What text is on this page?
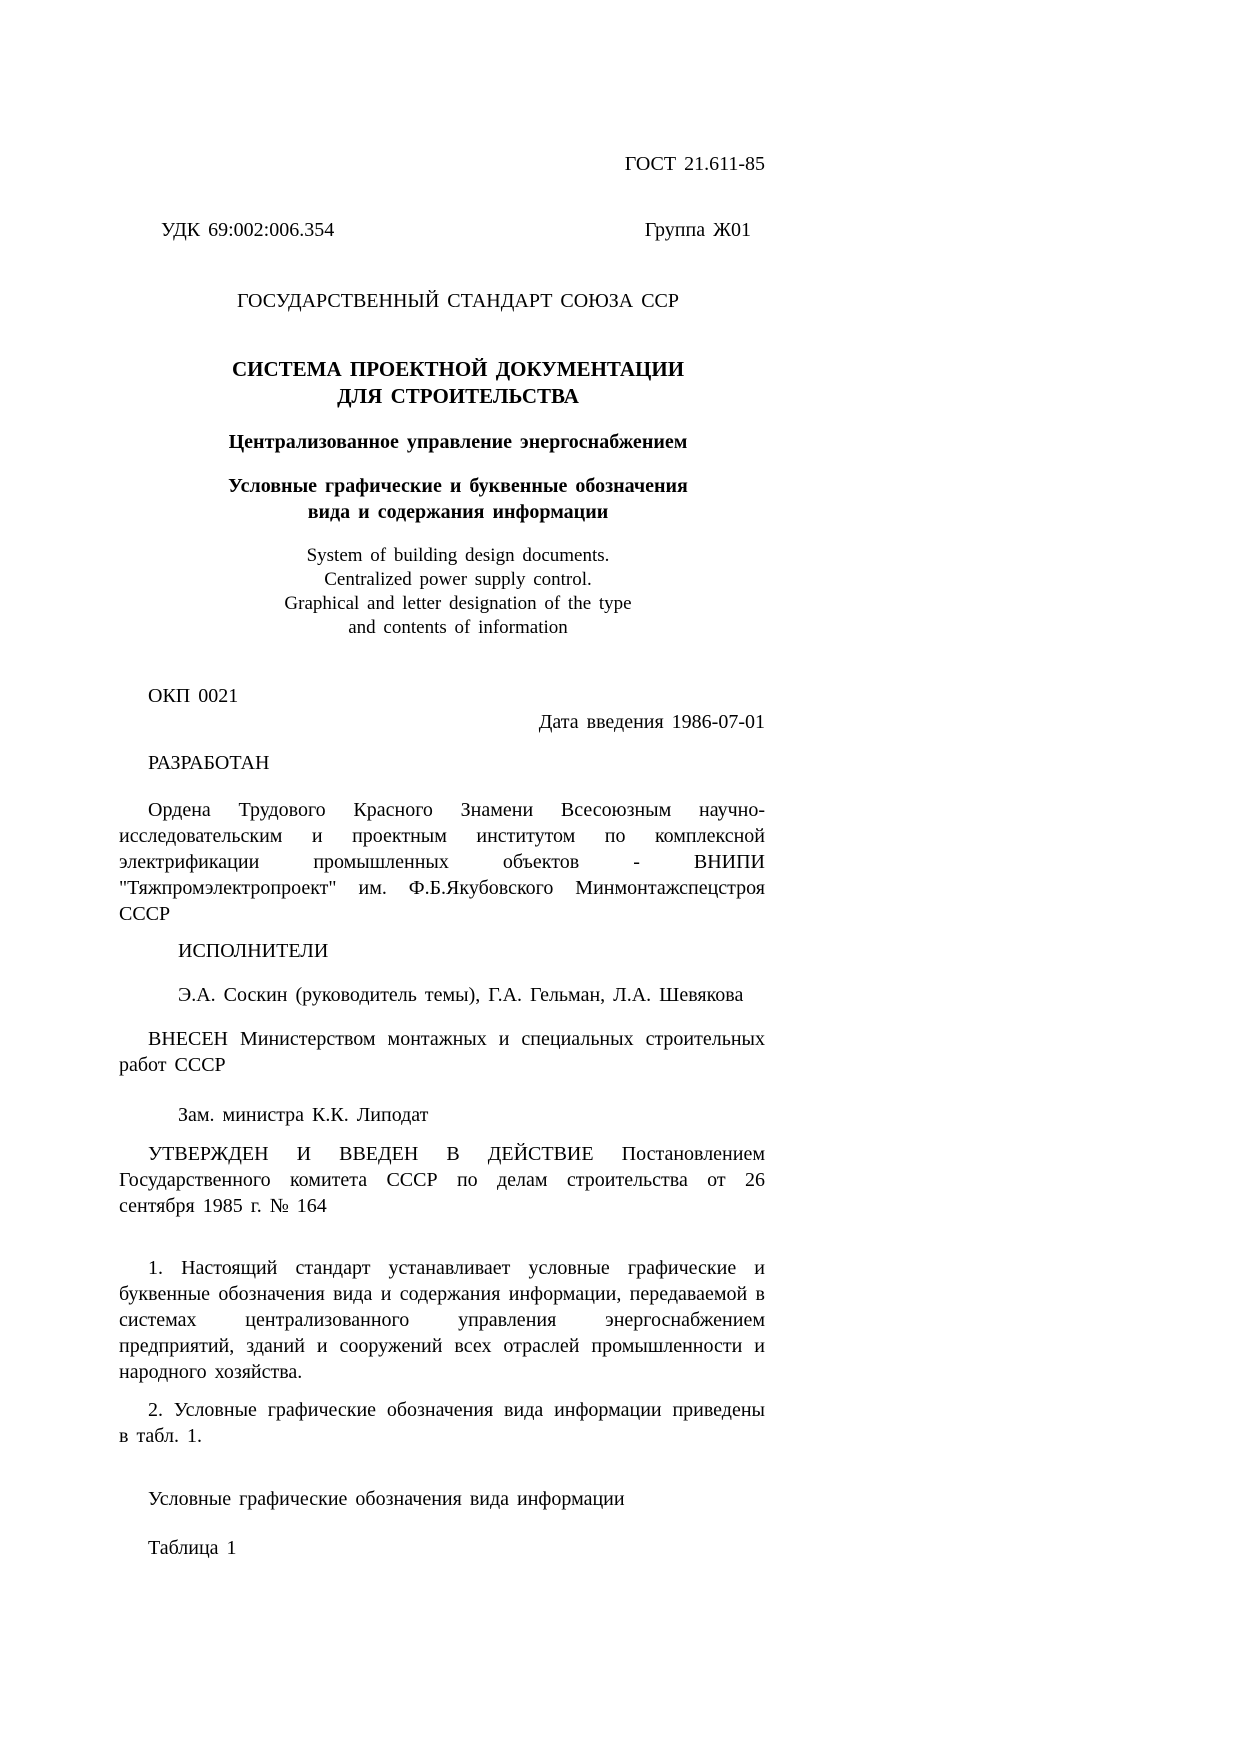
ГОСТ 21.611-85
УДК 69:002:006.354	Группа Ж01
ГОСУДАРСТВЕННЫЙ СТАНДАРТ СОЮЗА ССР
СИСТЕМА ПРОЕКТНОЙ ДОКУМЕНТАЦИИ
ДЛЯ СТРОИТЕЛЬСТВА
Централизованное управление энергоснабжением
Условные графические и буквенные обозначения
вида и содержания информации
System of building design documents.
Centralized power supply control.
Graphical and letter designation of the type
and contents of information
ОКП 0021
Дата введения 1986-07-01
РАЗРАБОТАН
Ордена Трудового Красного Знамени Всесоюзным научно-исследовательским и проектным институтом по комплексной электрификации промышленных объектов - ВНИПИ "Тяжпромэлектропроект" им. Ф.Б.Якубовского Минмонтажспецстроя СССР
ИСПОЛНИТЕЛИ
Э.А. Соскин (руководитель темы), Г.А. Гельман, Л.А. Шевякова
ВНЕСЕН Министерством монтажных и специальных строительных работ СССР
Зам. министра К.К. Липодат
УТВЕРЖДЕН И ВВЕДЕН В ДЕЙСТВИЕ Постановлением Государственного комитета СССР по делам строительства от 26 сентября 1985 г. № 164
1. Настоящий стандарт устанавливает условные графические и буквенные обозначения вида и содержания информации, передаваемой в системах централизованного управления энергоснабжением предприятий, зданий и сооружений всех отраслей промышленности и народного хозяйства.
2. Условные графические обозначения вида информации приведены в табл. 1.
Условные графические обозначения вида информации
Таблица 1
